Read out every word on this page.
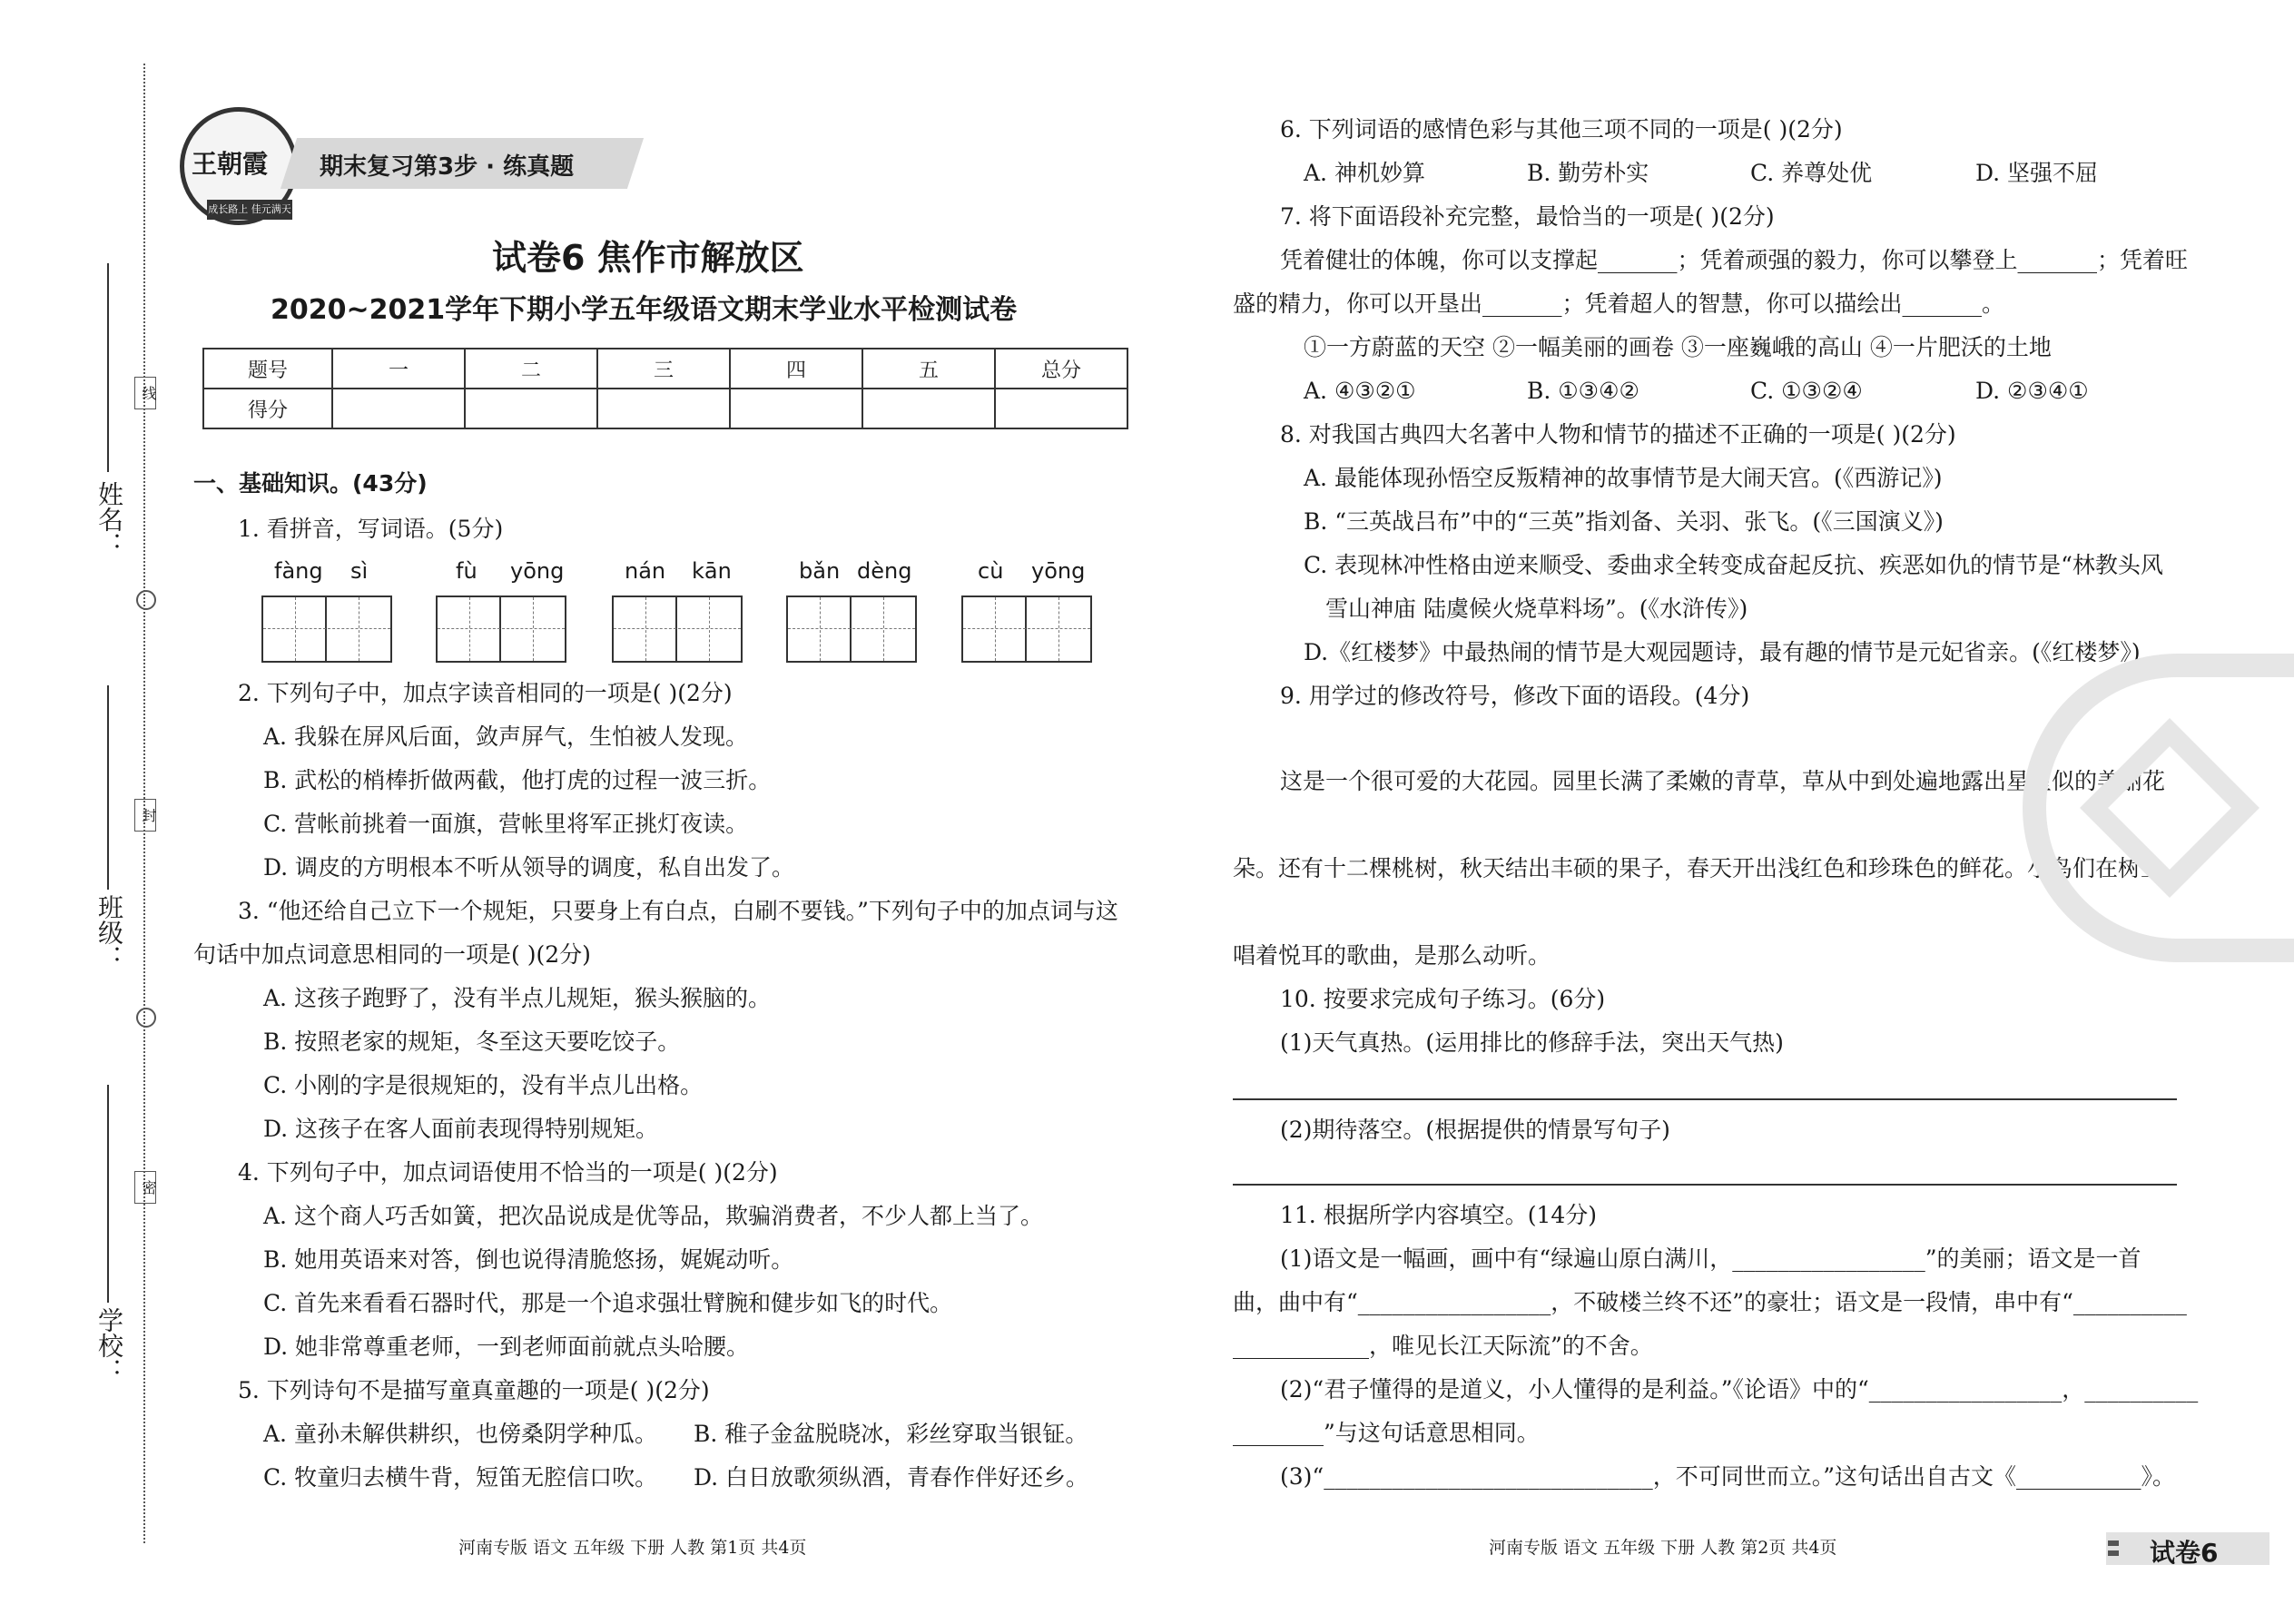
线
封
密
姓名：
班级：
学校：
王朝霞
成长路上 佳元满天
期末复习第3步 · 练真题
试卷6 焦作市解放区
2020~2021学年下期小学五年级语文期末学业水平检测试卷
题号	一	二	三	四	五	总分
得分						
一、基础知识。(43分)
1. 看拼音，写词语。(5分)
fàng sì	fù yōng	nán kān	bǎn dèng	cù yōng
2. 下列句子中，加点字读音相同的一项是( )(2分)
A. 我躲在屏风后面，敛声屏气，生怕被人发现。
B. 武松的梢棒折做两截，他打虎的过程一波三折。
C. 营帐前挑着一面旗，营帐里将军正挑灯夜读。
D. 调皮的方明根本不听从领导的调度，私自出发了。
3. “他还给自己立下一个规矩，只要身上有白点，白刷不要钱。”下列句子中的加点词与这
句话中加点词意思相同的一项是( )(2分)
A. 这孩子跑野了，没有半点儿规矩，猴头猴脑的。
B. 按照老家的规矩，冬至这天要吃饺子。
C. 小刚的字是很规矩的，没有半点儿出格。
D. 这孩子在客人面前表现得特别规矩。
4. 下列句子中，加点词语使用不恰当的一项是( )(2分)
A. 这个商人巧舌如簧，把次品说成是优等品，欺骗消费者，不少人都上当了。
B. 她用英语来对答，倒也说得清脆悠扬，娓娓动听。
C. 首先来看看石器时代，那是一个追求强壮臂腕和健步如飞的时代。
D. 她非常尊重老师，一到老师面前就点头哈腰。
5. 下列诗句不是描写童真童趣的一项是( )(2分)
A. 童孙未解供耕织，也傍桑阴学种瓜。 B. 稚子金盆脱晓冰，彩丝穿取当银钲。
C. 牧童归去横牛背，短笛无腔信口吹。 D. 白日放歌须纵酒，青春作伴好还乡。
河南专版 语文 五年级 下册 人教 第1页 共4页
6. 下列词语的感情色彩与其他三项不同的一项是( )(2分)
A. 神机妙算	B. 勤劳朴实	C. 养尊处优	D. 坚强不屈
7. 将下面语段补充完整，最恰当的一项是( )(2分)
凭着健壮的体魄，你可以支撑起_______；凭着顽强的毅力，你可以攀登上_______；凭着旺
盛的精力，你可以开垦出_______；凭着超人的智慧，你可以描绘出_______。
①一方蔚蓝的天空 ②一幅美丽的画卷 ③一座巍峨的高山 ④一片肥沃的土地
A. ④③②①	B. ①③④②	C. ①③②④	D. ②③④①
8. 对我国古典四大名著中人物和情节的描述不正确的一项是( )(2分)
A. 最能体现孙悟空反叛精神的故事情节是大闹天宫。(《西游记》)
B. “三英战吕布”中的“三英”指刘备、关羽、张飞。(《三国演义》)
C. 表现林冲性格由逆来顺受、委曲求全转变成奋起反抗、疾恶如仇的情节是“林教头风
雪山神庙 陆虞候火烧草料场”。(《水浒传》)
D.《红楼梦》中最热闹的情节是大观园题诗，最有趣的情节是元妃省亲。(《红楼梦》)
9. 用学过的修改符号，修改下面的语段。(4分)
这是一个很可爱的大花园。园里长满了柔嫩的青草，草从中到处遍地露出星星似的美丽花
朵。还有十二棵桃树，秋天结出丰硕的果子，春天开出浅红色和珍珠色的鲜花。小鸟们在树上
唱着悦耳的歌曲，是那么动听。
10. 按要求完成句子练习。(6分)
(1)天气真热。(运用排比的修辞手法，突出天气热)
(2)期待落空。(根据提供的情景写句子)
11. 根据所学内容填空。(14分)
(1)语文是一幅画，画中有“绿遍山原白满川，_________________”的美丽；语文是一首
曲，曲中有“_________________，不破楼兰终不还”的豪壮；语文是一段情，串中有“__________
____________，唯见长江天际流”的不舍。
(2)“君子懂得的是道义，小人懂得的是利益。”《论语》中的“_________________，__________
________”与这句话意思相同。
(3)“_____________________________，不可同世而立。”这句话出自古文《___________》。
河南专版 语文 五年级 下册 人教 第2页 共4页	试卷6
